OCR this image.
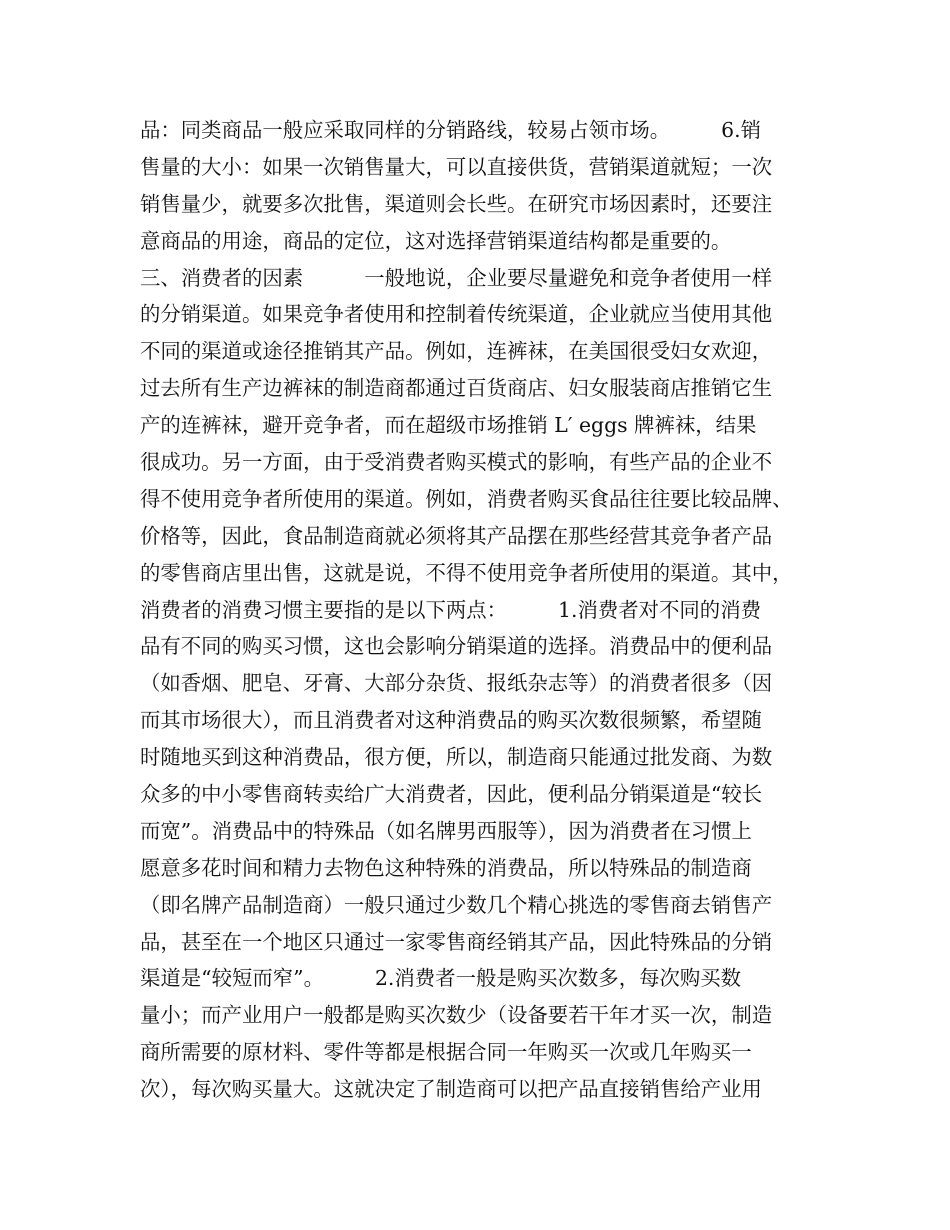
品：同类商品一般应采取同样的分销路线，较易占领市场。　　　6.销
售量的大小：如果一次销售量大，可以直接供货，营销渠道就短；一次
销售量少，就要多次批售，渠道则会长些。在研究市场因素时，还要注
意商品的用途，商品的定位，这对选择营销渠道结构都是重要的。
三、消费者的因素　　　一般地说，企业要尽量避免和竞争者使用一样
的分销渠道。如果竞争者使用和控制着传统渠道，企业就应当使用其他
不同的渠道或途径推销其产品。例如，连裤袜，在美国很受妇女欢迎，
过去所有生产边裤袜的制造商都通过百货商店、妇女服装商店推销它生
产的连裤袜，避开竞争者，而在超级市场推销 L′ eggs 牌裤袜，结果
很成功。另一方面，由于受消费者购买模式的影响，有些产品的企业不
得不使用竞争者所使用的渠道。例如，消费者购买食品往往要比较品牌、
价格等，因此，食品制造商就必须将其产品摆在那些经营其竞争者产品
的零售商店里出售，这就是说，不得不使用竞争者所使用的渠道。其中，
消费者的消费习惯主要指的是以下两点：　　　1.消费者对不同的消费
品有不同的购买习惯，这也会影响分销渠道的选择。消费品中的便利品
（如香烟、肥皂、牙膏、大部分杂货、报纸杂志等）的消费者很多（因
而其市场很大），而且消费者对这种消费品的购买次数很频繁，希望随
时随地买到这种消费品，很方便，所以，制造商只能通过批发商、为数
众多的中小零售商转卖给广大消费者，因此，便利品分销渠道是“较长
而宽”。消费品中的特殊品（如名牌男西服等），因为消费者在习惯上
愿意多花时间和精力去物色这种特殊的消费品，所以特殊品的制造商
（即名牌产品制造商）一般只通过少数几个精心挑选的零售商去销售产
品，甚至在一个地区只通过一家零售商经销其产品，因此特殊品的分销
渠道是“较短而窄”。　　　2.消费者一般是购买次数多，每次购买数
量小；而产业用户一般都是购买次数少（设备要若干年才买一次，制造
商所需要的原材料、零件等都是根据合同一年购买一次或几年购买一
次），每次购买量大。这就决定了制造商可以把产品直接销售给产业用
